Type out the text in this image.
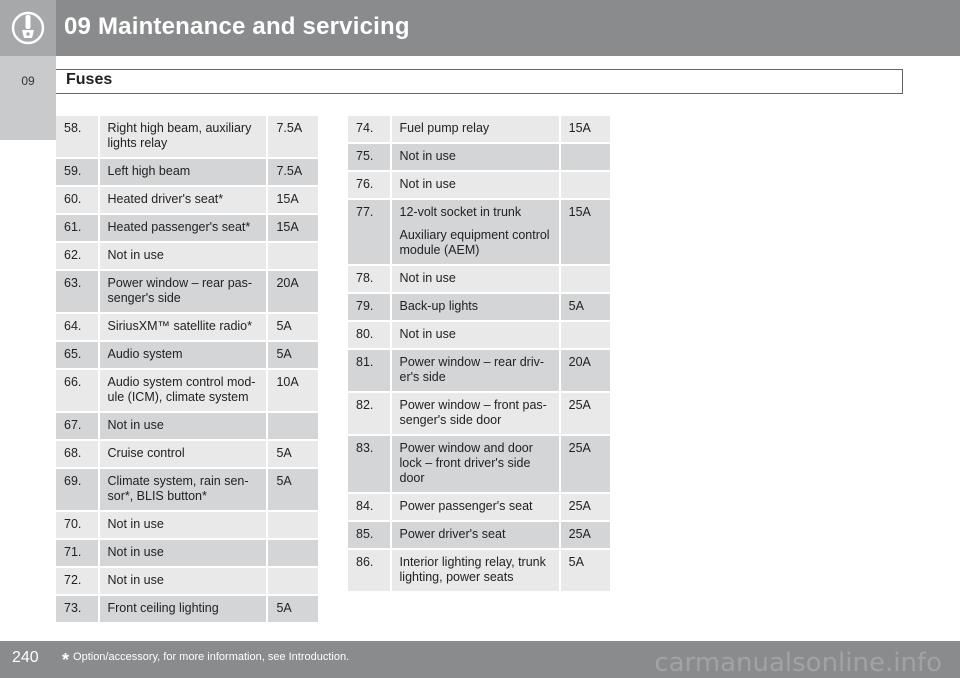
09 Maintenance and servicing
09	Fuses
58.	Right high beam, auxiliary lights relay	7.5A
59.	Left high beam	7.5A
60.	Heated driver's seat*	15A
61.	Heated passenger's seat*	15A
62.	Not in use	
63.	Power window – rear pas-senger's side	20A
64.	SiriusXM™ satellite radio*	5A
65.	Audio system	5A
66.	Audio system control mod-ule (ICM), climate system	10A
67.	Not in use	
68.	Cruise control	5A
69.	Climate system, rain sen-sor*, BLIS button*	5A
70.	Not in use	
71.	Not in use	
72.	Not in use	
73.	Front ceiling lighting	5A
74.	Fuel pump relay	15A
75.	Not in use	
76.	Not in use	
77.	12-volt socket in trunk
Auxiliary equipment control module (AEM)	15A
78.	Not in use	
79.	Back-up lights	5A
80.	Not in use	
81.	Power window – rear driv-er's side	20A
82.	Power window – front pas-senger's side door	25A
83.	Power window and door lock – front driver's side door	25A
84.	Power passenger's seat	25A
85.	Power driver's seat	25A
86.	Interior lighting relay, trunk lighting, power seats	5A
240 * Option/accessory, for more information, see Introduction.	carmanualsonline.info
